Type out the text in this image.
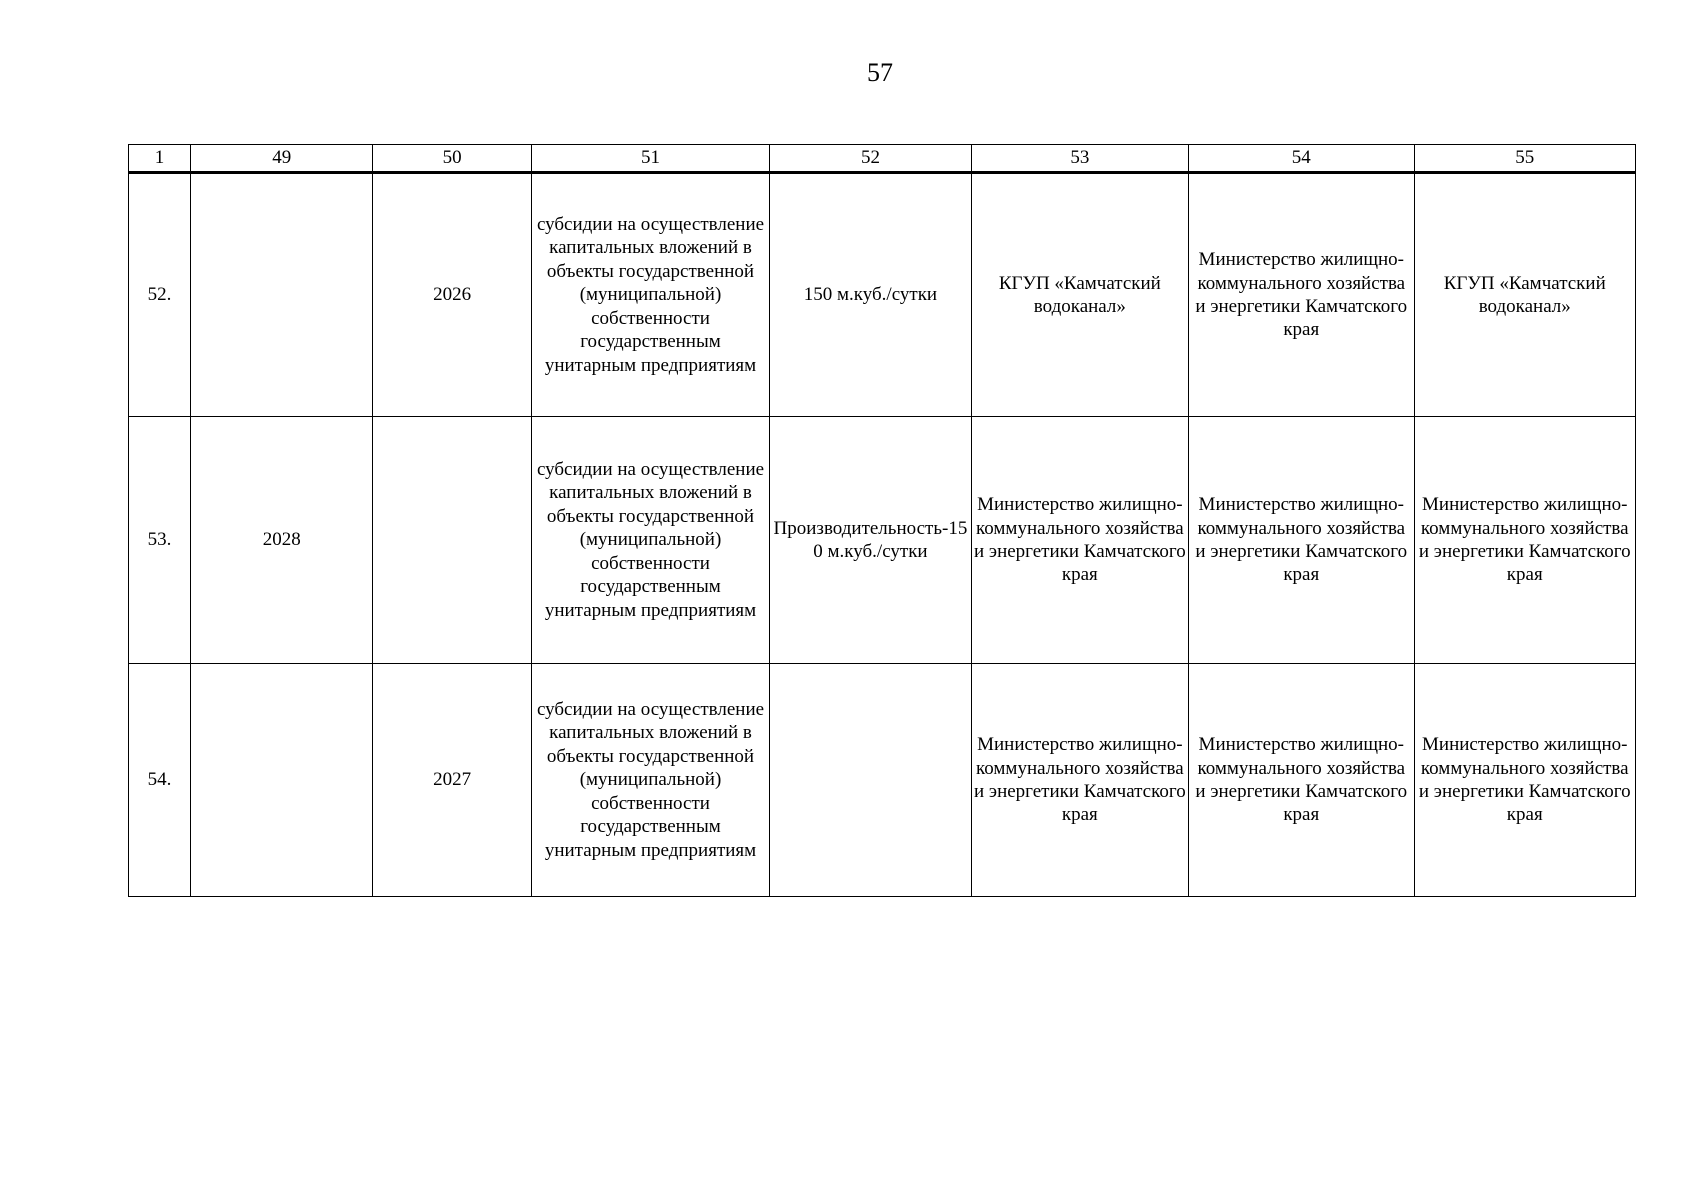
57
1	49	50	51	52	53	54	55
52.		2026	субсидии на осуществление капитальных вложений в объекты государственной (муниципальной) собственности государственным унитарным предприятиям	150 м.куб./сутки	КГУП «Камчатский водоканал»	Министерство жилищно-коммунального хозяйства и энергетики Камчатского края	КГУП «Камчатский водоканал»
53.	2028		субсидии на осуществление капитальных вложений в объекты государственной (муниципальной) собственности государственным унитарным предприятиям	Производительность-150 м.куб./сутки	Министерство жилищно-коммунального хозяйства и энергетики Камчатского края	Министерство жилищно-коммунального хозяйства и энергетики Камчатского края	Министерство жилищно-коммунального хозяйства и энергетики Камчатского края
54.		2027	субсидии на осуществление капитальных вложений в объекты государственной (муниципальной) собственности государственным унитарным предприятиям		Министерство жилищно-коммунального хозяйства и энергетики Камчатского края	Министерство жилищно-коммунального хозяйства и энергетики Камчатского края	Министерство жилищно-коммунального хозяйства и энергетики Камчатского края
